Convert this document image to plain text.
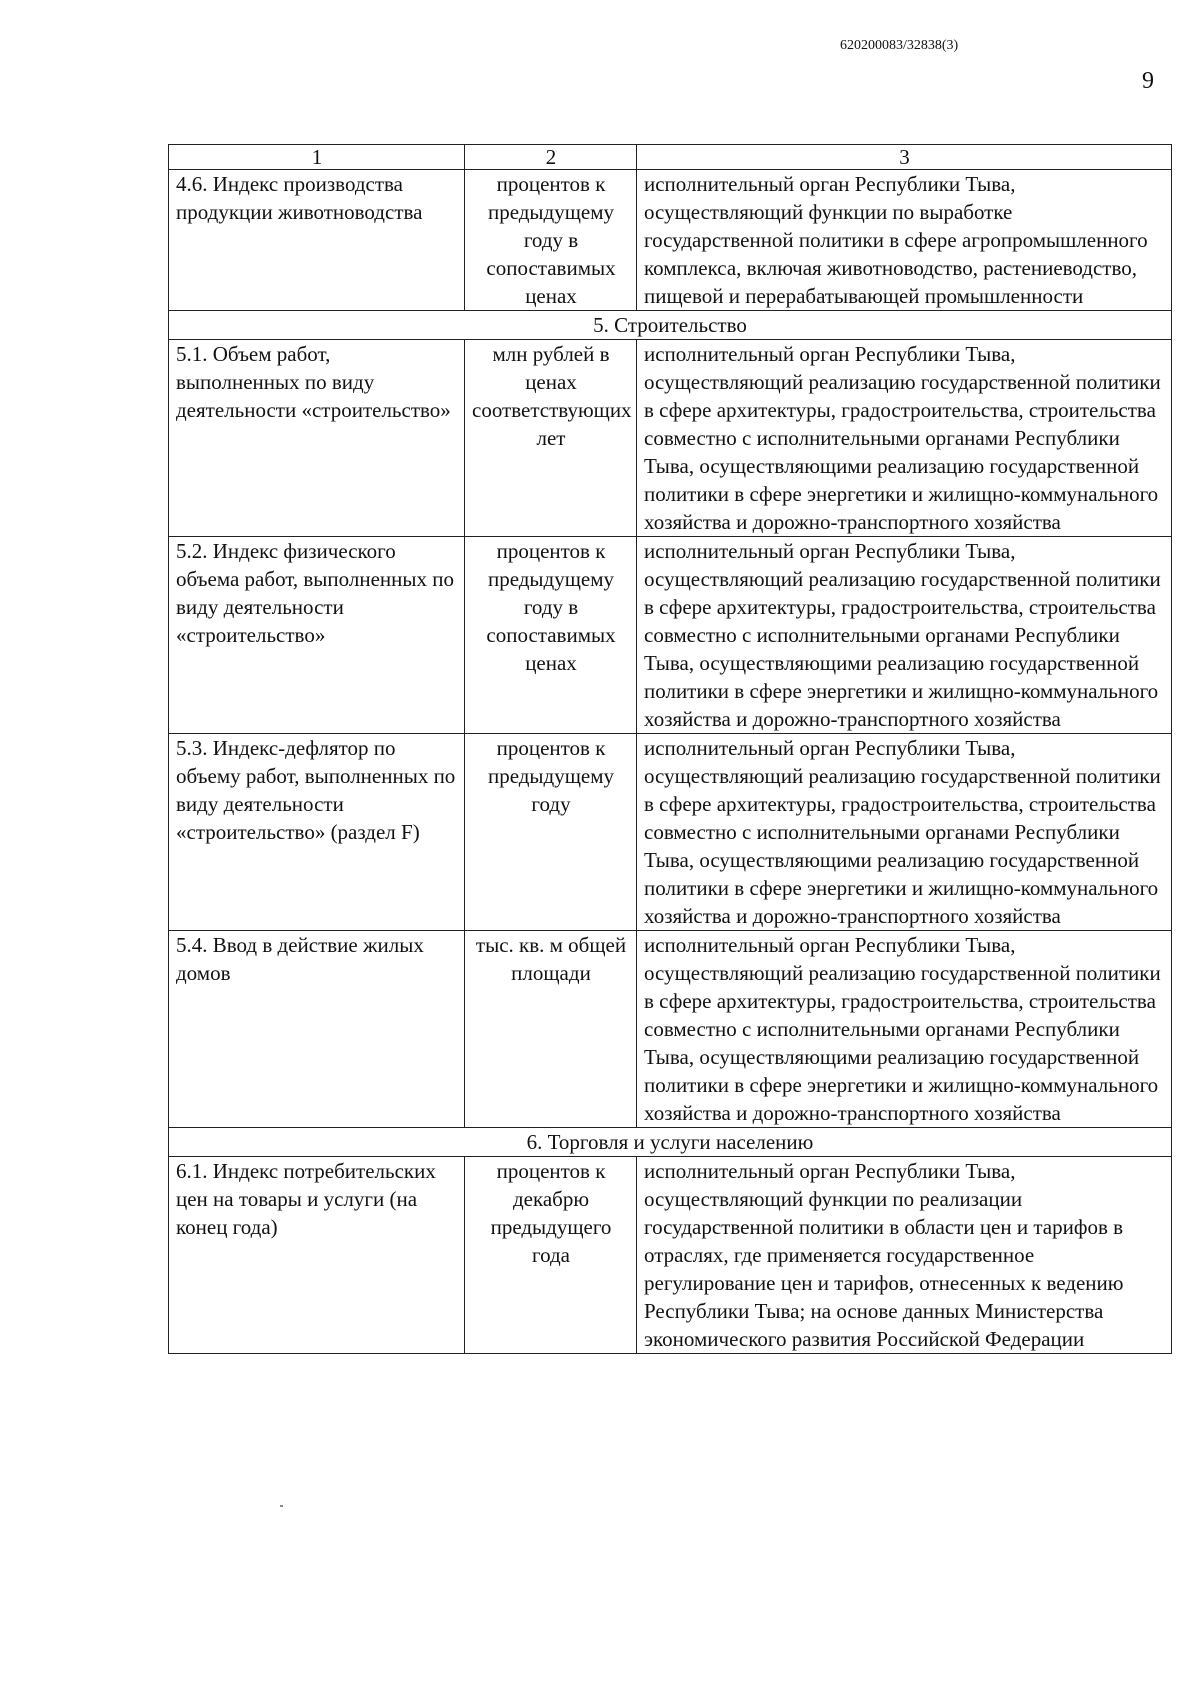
620200083/32838(3)
9
1	2	3
4.6. Индекс производства продукции животноводства	процентов к предыдущему году в сопоставимых ценах	исполнительный орган Республики Тыва, осуществляющий функции по выработке государственной политики в сфере агропромышленного комплекса, включая животноводство, растениеводство, пищевой и перерабатывающей промышленности
5. Строительство		
5.1. Объем работ, выполненных по виду деятельности «строительство»	млн рублей в ценах соответствующих лет	исполнительный орган Республики Тыва, осуществляющий реализацию государственной политики в сфере архитектуры, градостроительства, строительства совместно с исполнительными органами Республики Тыва, осуществляющими реализацию государственной политики в сфере энергетики и жилищно-коммунального хозяйства и дорожно-транспортного хозяйства
5.2. Индекс физического объема работ, выполненных по виду деятельности «строительство»	процентов к предыдущему году в сопоставимых ценах	исполнительный орган Республики Тыва, осуществляющий реализацию государственной политики в сфере архитектуры, градостроительства, строительства совместно с исполнительными органами Республики Тыва, осуществляющими реализацию государственной политики в сфере энергетики и жилищно-коммунального хозяйства и дорожно-транспортного хозяйства
5.3. Индекс-дефлятор по объему работ, выполненных по виду деятельности «строительство» (раздел F)	процентов к предыдущему году	исполнительный орган Республики Тыва, осуществляющий реализацию государственной политики в сфере архитектуры, градостроительства, строительства совместно с исполнительными органами Республики Тыва, осуществляющими реализацию государственной политики в сфере энергетики и жилищно-коммунального хозяйства и дорожно-транспортного хозяйства
5.4. Ввод в действие жилых домов	тыс. кв. м общей площади	исполнительный орган Республики Тыва, осуществляющий реализацию государственной политики в сфере архитектуры, градостроительства, строительства совместно с исполнительными органами Республики Тыва, осуществляющими реализацию государственной политики в сфере энергетики и жилищно-коммунального хозяйства и дорожно-транспортного хозяйства
6. Торговля и услуги населению		
6.1. Индекс потребительских цен на товары и услуги (на конец года)	процентов к декабрю предыдущего года	исполнительный орган Республики Тыва, осуществляющий функции по реализации государственной политики в области цен и тарифов в отраслях, где применяется государственное регулирование цен и тарифов, отнесенных к ведению Республики Тыва; на основе данных Министерства экономического развития Российской Федерации
